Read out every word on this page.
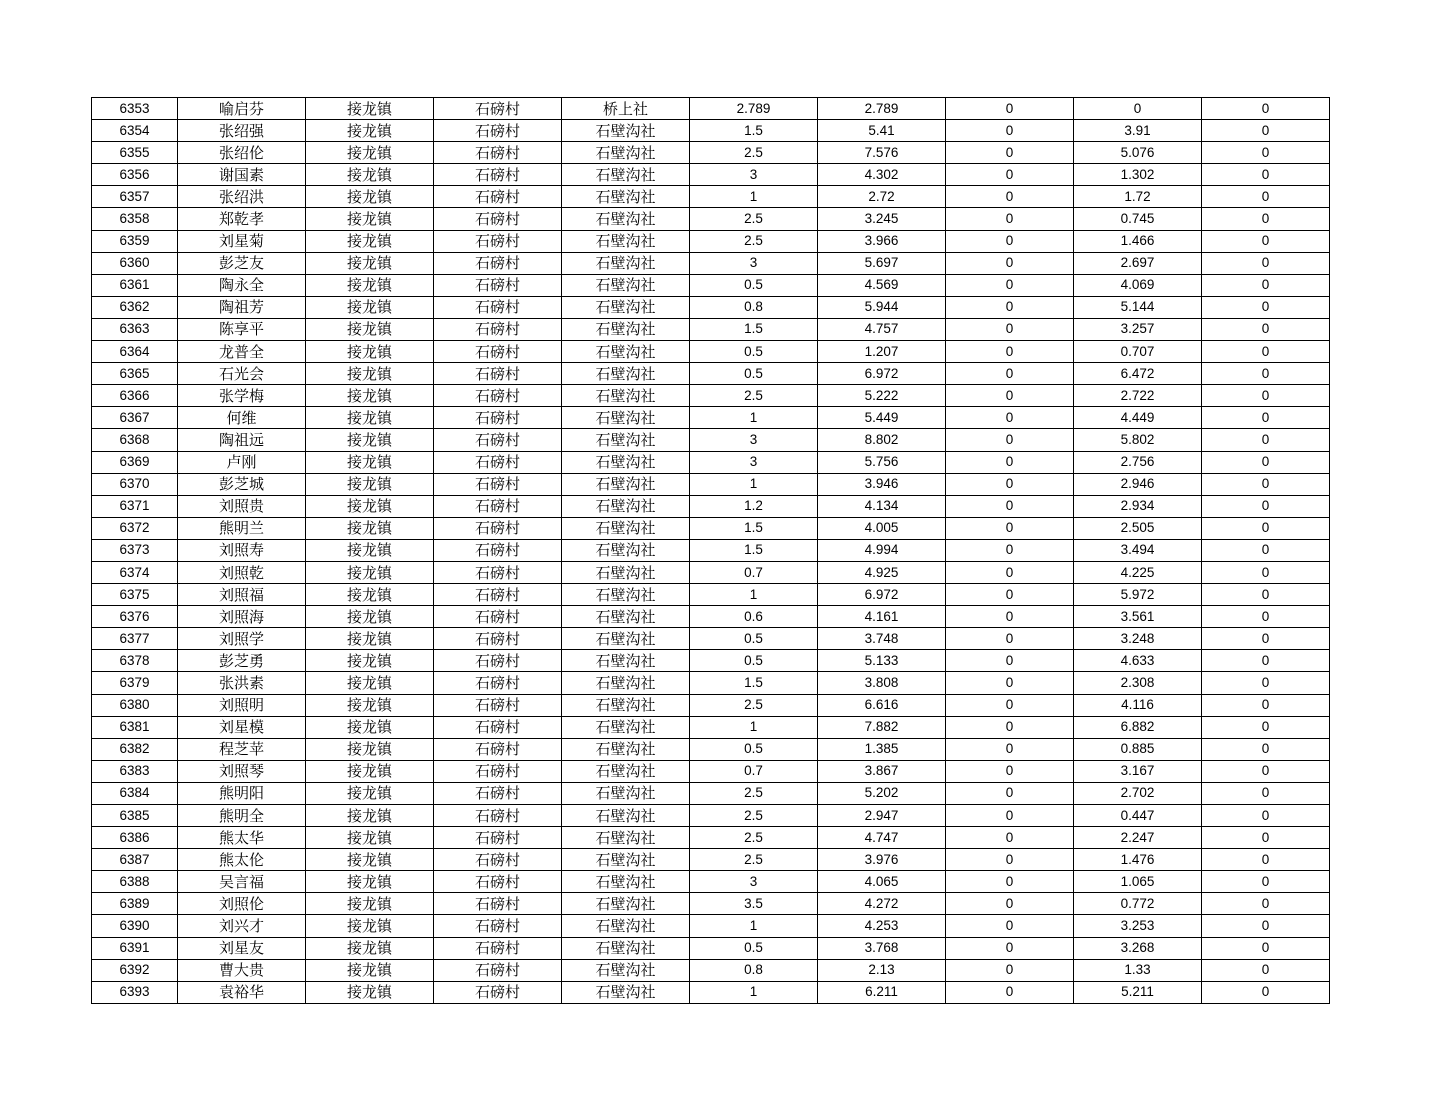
6353	喻启芬	接龙镇	石磅村	桥上社	2.789	2.789	0	0	0
6354	张绍强	接龙镇	石磅村	石壁沟社	1.5	5.41	0	3.91	0
6355	张绍伦	接龙镇	石磅村	石壁沟社	2.5	7.576	0	5.076	0
6356	谢国素	接龙镇	石磅村	石壁沟社	3	4.302	0	1.302	0
6357	张绍洪	接龙镇	石磅村	石壁沟社	1	2.72	0	1.72	0
6358	郑乾孝	接龙镇	石磅村	石壁沟社	2.5	3.245	0	0.745	0
6359	刘星菊	接龙镇	石磅村	石壁沟社	2.5	3.966	0	1.466	0
6360	彭芝友	接龙镇	石磅村	石壁沟社	3	5.697	0	2.697	0
6361	陶永全	接龙镇	石磅村	石壁沟社	0.5	4.569	0	4.069	0
6362	陶祖芳	接龙镇	石磅村	石壁沟社	0.8	5.944	0	5.144	0
6363	陈享平	接龙镇	石磅村	石壁沟社	1.5	4.757	0	3.257	0
6364	龙普全	接龙镇	石磅村	石壁沟社	0.5	1.207	0	0.707	0
6365	石光会	接龙镇	石磅村	石壁沟社	0.5	6.972	0	6.472	0
6366	张学梅	接龙镇	石磅村	石壁沟社	2.5	5.222	0	2.722	0
6367	何维	接龙镇	石磅村	石壁沟社	1	5.449	0	4.449	0
6368	陶祖远	接龙镇	石磅村	石壁沟社	3	8.802	0	5.802	0
6369	卢刚	接龙镇	石磅村	石壁沟社	3	5.756	0	2.756	0
6370	彭芝城	接龙镇	石磅村	石壁沟社	1	3.946	0	2.946	0
6371	刘照贵	接龙镇	石磅村	石壁沟社	1.2	4.134	0	2.934	0
6372	熊明兰	接龙镇	石磅村	石壁沟社	1.5	4.005	0	2.505	0
6373	刘照寿	接龙镇	石磅村	石壁沟社	1.5	4.994	0	3.494	0
6374	刘照乾	接龙镇	石磅村	石壁沟社	0.7	4.925	0	4.225	0
6375	刘照福	接龙镇	石磅村	石壁沟社	1	6.972	0	5.972	0
6376	刘照海	接龙镇	石磅村	石壁沟社	0.6	4.161	0	3.561	0
6377	刘照学	接龙镇	石磅村	石壁沟社	0.5	3.748	0	3.248	0
6378	彭芝勇	接龙镇	石磅村	石壁沟社	0.5	5.133	0	4.633	0
6379	张洪素	接龙镇	石磅村	石壁沟社	1.5	3.808	0	2.308	0
6380	刘照明	接龙镇	石磅村	石壁沟社	2.5	6.616	0	4.116	0
6381	刘星模	接龙镇	石磅村	石壁沟社	1	7.882	0	6.882	0
6382	程芝苹	接龙镇	石磅村	石壁沟社	0.5	1.385	0	0.885	0
6383	刘照琴	接龙镇	石磅村	石壁沟社	0.7	3.867	0	3.167	0
6384	熊明阳	接龙镇	石磅村	石壁沟社	2.5	5.202	0	2.702	0
6385	熊明全	接龙镇	石磅村	石壁沟社	2.5	2.947	0	0.447	0
6386	熊太华	接龙镇	石磅村	石壁沟社	2.5	4.747	0	2.247	0
6387	熊太伦	接龙镇	石磅村	石壁沟社	2.5	3.976	0	1.476	0
6388	吴言福	接龙镇	石磅村	石壁沟社	3	4.065	0	1.065	0
6389	刘照伦	接龙镇	石磅村	石壁沟社	3.5	4.272	0	0.772	0
6390	刘兴才	接龙镇	石磅村	石壁沟社	1	4.253	0	3.253	0
6391	刘星友	接龙镇	石磅村	石壁沟社	0.5	3.768	0	3.268	0
6392	曹大贵	接龙镇	石磅村	石壁沟社	0.8	2.13	0	1.33	0
6393	袁裕华	接龙镇	石磅村	石壁沟社	1	6.211	0	5.211	0
